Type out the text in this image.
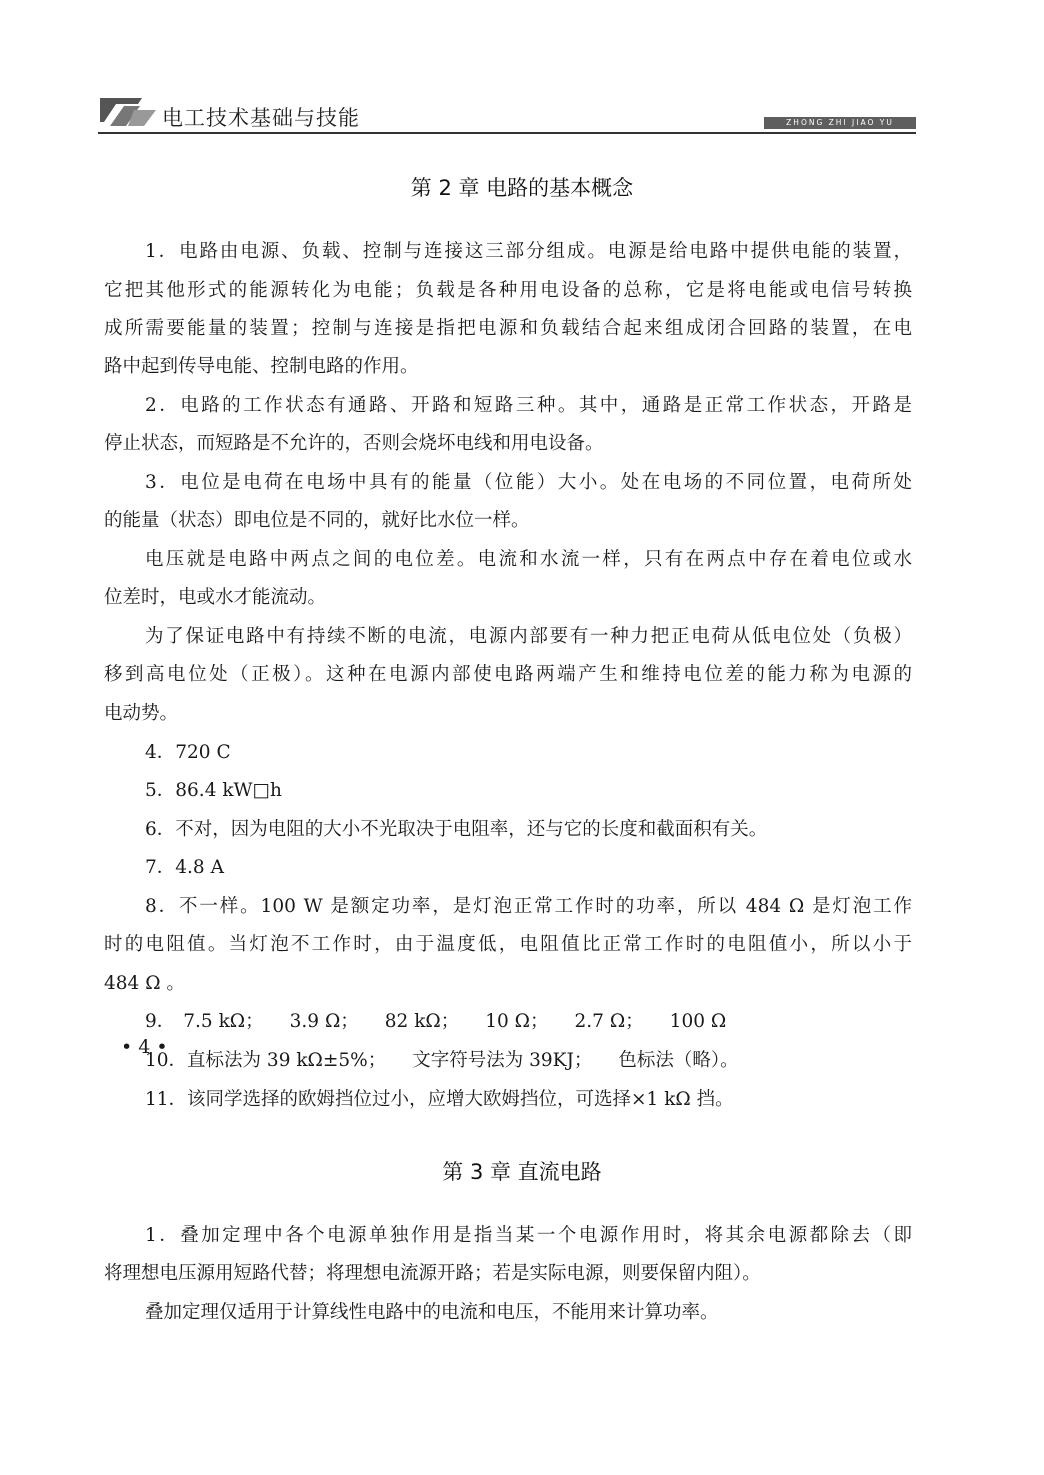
电工技术基础与技能	ZHONG ZHI JIAO YU
第 2 章 电路的基本概念
1．电路由电源、负载、控制与连接这三部分组成。电源是给电路中提供电能的装置，
它把其他形式的能源转化为电能；负载是各种用电设备的总称，它是将电能或电信号转换
成所需要能量的装置；控制与连接是指把电源和负载结合起来组成闭合回路的装置，在电
路中起到传导电能、控制电路的作用。
2．电路的工作状态有通路、开路和短路三种。其中，通路是正常工作状态，开路是
停止状态，而短路是不允许的，否则会烧坏电线和用电设备。
3．电位是电荷在电场中具有的能量（位能）大小。处在电场的不同位置，电荷所处
的能量（状态）即电位是不同的，就好比水位一样。
电压就是电路中两点之间的电位差。电流和水流一样，只有在两点中存在着电位或水
位差时，电或水才能流动。
为了保证电路中有持续不断的电流，电源内部要有一种力把正电荷从低电位处（负极）
移到高电位处（正极）。这种在电源内部使电路两端产生和维持电位差的能力称为电源的
电动势。
4．720 C
5．86.4 kW□h
6．不对，因为电阻的大小不光取决于电阻率，还与它的长度和截面积有关。
7．4.8 A
8．不一样。100 W 是额定功率，是灯泡正常工作时的功率，所以 484 Ω 是灯泡工作
时的电阻值。当灯泡不工作时，由于温度低，电阻值比正常工作时的电阻值小，所以小于
484 Ω 。
9． 7.5 kΩ； 3.9 Ω； 82 kΩ； 10 Ω； 2.7 Ω； 100 Ω
10．直标法为 39 kΩ±5%； 文字符号法为 39KJ； 色标法（略）。
11．该同学选择的欧姆挡位过小，应增大欧姆挡位，可选择×1 kΩ 挡。
第 3 章 直流电路
1．叠加定理中各个电源单独作用是指当某一个电源作用时，将其余电源都除去（即
将理想电压源用短路代替；将理想电流源开路；若是实际电源，则要保留内阻）。
叠加定理仅适用于计算线性电路中的电流和电压，不能用来计算功率。
• 4 •
